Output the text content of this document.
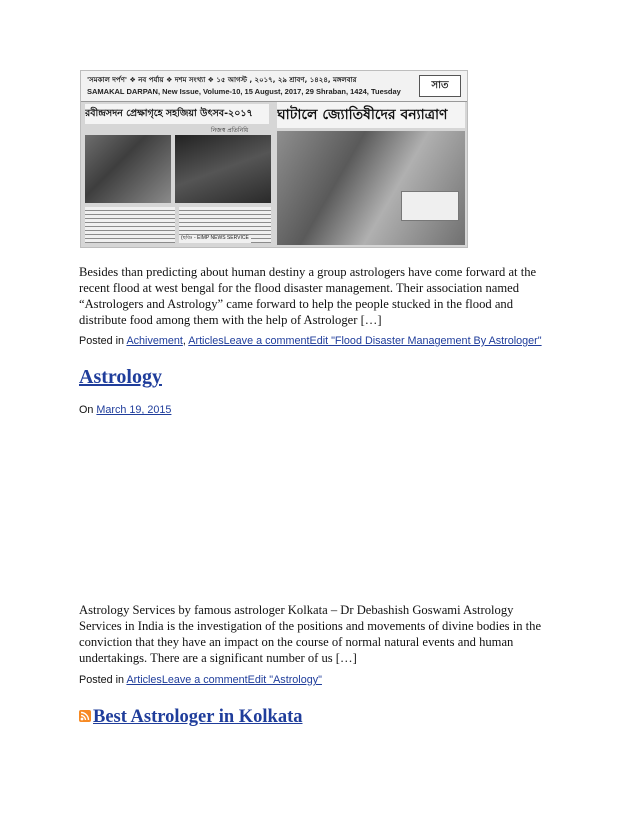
'সমকাল দর্পণ' ❖ নব পর্যায় ❖ দশম সংখ্যা ❖ ১৫ আগস্ট , ২০১৭, ২৯ শ্রাবণ, ১৪২৪, মঙ্গলবার
SAMAKAL DARPAN, New Issue, Volume-10, 15 August, 2017, 29 Shraban, 1424, Tuesday
সাত
রবীন্দ্রসদন প্রেক্ষাগৃহে সহজিয়া উৎসব-২০১৭
নিজস্ব প্রতিনিধি
ঘাটালে জ্যোতিষীদের বন্যাত্রাণ
(ছবিঃ - EIMP NEWS SERVICE

Besides than predicting about human destiny a group astrologers have come forward at the recent flood at west bengal for the flood disaster management. Their association named “Astrologers and Astrology” came forward to help the people stucked in the flood and distribute food among them with the help of Astrologer […]

Posted in Achivement, ArticlesLeave a commentEdit "Flood Disaster Management By Astrologer"
Astrology
On March 19, 2015

Astrology Services by famous astrologer Kolkata – Dr Debashish Goswami Astrology Services in India is the investigation of the positions and movements of divine bodies in the conviction that they have an impact on the course of normal natural events and human undertakings. There are a significant number of us […]

Posted in ArticlesLeave a commentEdit "Astrology"
Best Astrologer in Kolkata
